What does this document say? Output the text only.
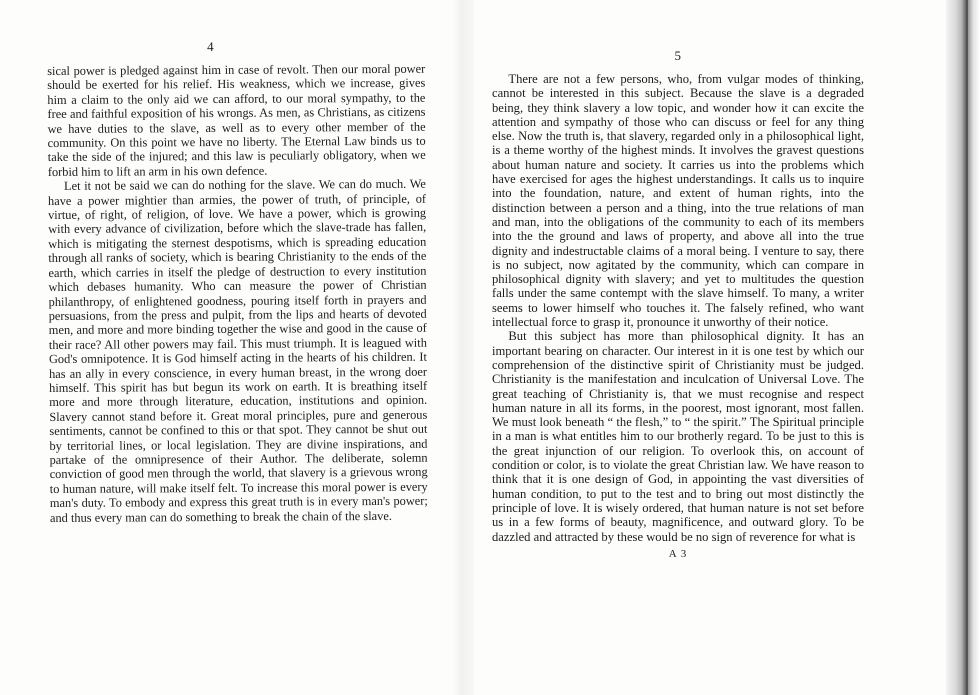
4

sical power is pledged against him in case of revolt. Then our moral power should be exerted for his relief. His weakness, which we increase, gives him a claim to the only aid we can afford, to our moral sympathy, to the free and faithful exposition of his wrongs. As men, as Christians, as citizens we have duties to the slave, as well as to every other member of the community. On this point we have no liberty. The Eternal Law binds us to take the side of the injured; and this law is peculiarly obligatory, when we forbid him to lift an arm in his own defence.

Let it not be said we can do nothing for the slave. We can do much. We have a power mightier than armies, the power of truth, of principle, of virtue, of right, of religion, of love. We have a power, which is growing with every advance of civilization, before which the slave-trade has fallen, which is mitigating the sternest despotisms, which is spreading education through all ranks of society, which is bearing Christianity to the ends of the earth, which carries in itself the pledge of destruction to every institution which debases humanity. Who can measure the power of Christian philanthropy, of enlightened goodness, pouring itself forth in prayers and persuasions, from the press and pulpit, from the lips and hearts of devoted men, and more and more binding together the wise and good in the cause of their race? All other powers may fail. This must triumph. It is leagued with God's omnipotence. It is God himself acting in the hearts of his children. It has an ally in every conscience, in every human breast, in the wrong doer himself. This spirit has but begun its work on earth. It is breathing itself more and more through literature, education, institutions and opinion. Slavery cannot stand before it. Great moral principles, pure and generous sentiments, cannot be confined to this or that spot. They cannot be shut out by territorial lines, or local legislation. They are divine inspirations, and partake of the omnipresence of their Author. The deliberate, solemn conviction of good men through the world, that slavery is a grievous wrong to human nature, will make itself felt. To increase this moral power is every man's duty. To embody and express this great truth is in every man's power; and thus every man can do something to break the chain of the slave.

5

There are not a few persons, who, from vulgar modes of thinking, cannot be interested in this subject. Because the slave is a degraded being, they think slavery a low topic, and wonder how it can excite the attention and sympathy of those who can discuss or feel for any thing else. Now the truth is, that slavery, regarded only in a philosophical light, is a theme worthy of the highest minds. It involves the gravest questions about human nature and society. It carries us into the problems which have exercised for ages the highest understandings. It calls us to inquire into the foundation, nature, and extent of human rights, into the distinction between a person and a thing, into the true relations of man and man, into the obligations of the community to each of its members into the the ground and laws of property, and above all into the true dignity and indestructable claims of a moral being. I venture to say, there is no subject, now agitated by the community, which can compare in philosophical dignity with slavery; and yet to multitudes the question falls under the same contempt with the slave himself. To many, a writer seems to lower himself who touches it. The falsely refined, who want intellectual force to grasp it, pronounce it unworthy of their notice.

But this subject has more than philosophical dignity. It has an important bearing on character. Our interest in it is one test by which our comprehension of the distinctive spirit of Christianity must be judged. Christianity is the manifestation and inculcation of Universal Love. The great teaching of Christianity is, that we must recognise and respect human nature in all its forms, in the poorest, most ignorant, most fallen. We must look beneath “ the flesh,” to “ the spirit.” The Spiritual principle in a man is what entitles him to our brotherly regard. To be just to this is the great injunction of our religion. To overlook this, on account of condition or color, is to violate the great Christian law. We have reason to think that it is one design of God, in appointing the vast diversities of human condition, to put to the test and to bring out most distinctly the principle of love. It is wisely ordered, that human nature is not set before us in a few forms of beauty, magnificence, and outward glory. To be dazzled and attracted by these would be no sign of reverence for what is

A 3
